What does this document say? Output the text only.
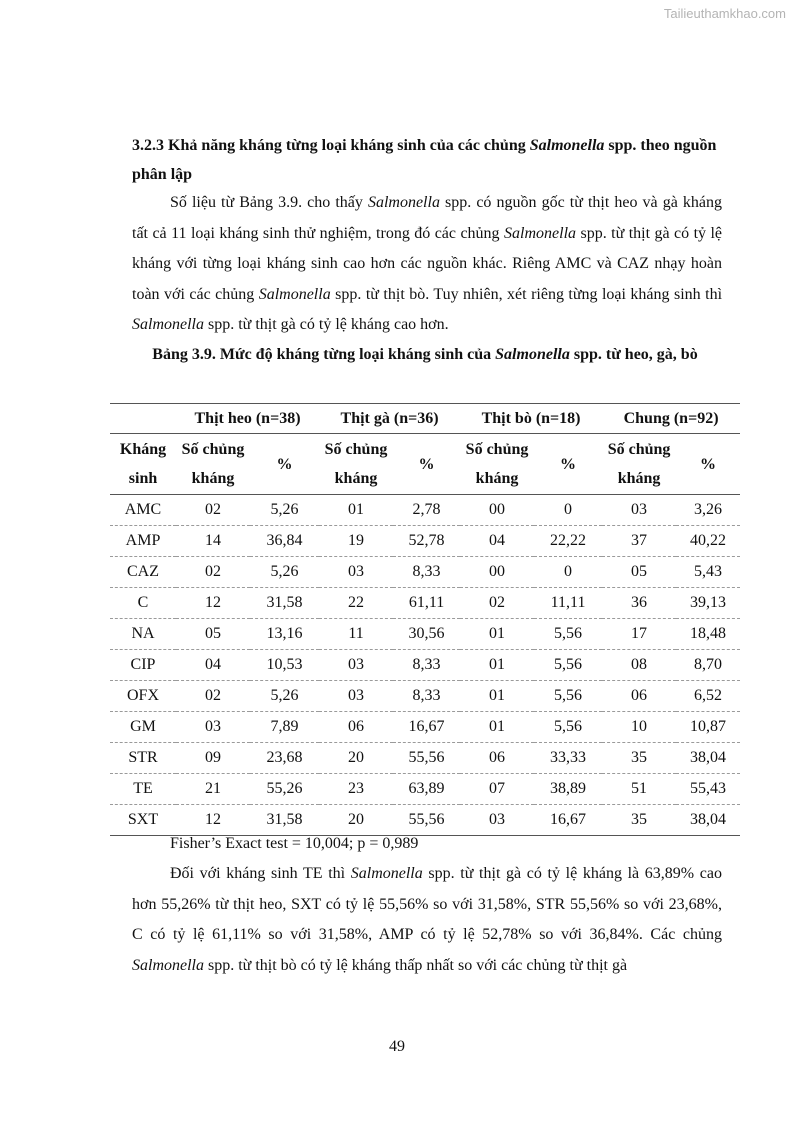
Tailieuthamkhao.com
3.2.3 Khả năng kháng từng loại kháng sinh của các chủng Salmonella spp. theo nguồn phân lập
Số liệu từ Bảng 3.9. cho thấy Salmonella spp. có nguồn gốc từ thịt heo và gà kháng tất cả 11 loại kháng sinh thử nghiệm, trong đó các chủng Salmonella spp. từ thịt gà có tỷ lệ kháng với từng loại kháng sinh cao hơn các nguồn khác. Riêng AMC và CAZ nhạy hoàn toàn với các chủng Salmonella spp. từ thịt bò. Tuy nhiên, xét riêng từng loại kháng sinh thì Salmonella spp. từ thịt gà có tỷ lệ kháng cao hơn.
Bảng 3.9. Mức độ kháng từng loại kháng sinh của Salmonella spp. từ heo, gà, bò
	Thịt heo (n=38)		Thịt gà (n=36)		Thịt bò (n=18)		Chung (n=92)	
Kháng sinh	Số chủng kháng	%	Số chủng kháng	%	Số chủng kháng	%	Số chủng kháng	%
AMC	02	5,26	01	2,78	00	0	03	3,26
AMP	14	36,84	19	52,78	04	22,22	37	40,22
CAZ	02	5,26	03	8,33	00	0	05	5,43
C	12	31,58	22	61,11	02	11,11	36	39,13
NA	05	13,16	11	30,56	01	5,56	17	18,48
CIP	04	10,53	03	8,33	01	5,56	08	8,70
OFX	02	5,26	03	8,33	01	5,56	06	6,52
GM	03	7,89	06	16,67	01	5,56	10	10,87
STR	09	23,68	20	55,56	06	33,33	35	38,04
TE	21	55,26	23	63,89	07	38,89	51	55,43
SXT	12	31,58	20	55,56	03	16,67	35	38,04
Fisher’s Exact test = 10,004; p = 0,989
Đối với kháng sinh TE thì Salmonella spp. từ thịt gà có tỷ lệ kháng là 63,89% cao hơn 55,26% từ thịt heo, SXT có tỷ lệ 55,56% so với 31,58%, STR 55,56% so với 23,68%, C có tỷ lệ 61,11% so với 31,58%, AMP có tỷ lệ 52,78% so với 36,84%. Các chủng Salmonella spp. từ thịt bò có tỷ lệ kháng thấp nhất so với các chủng từ thịt gà
49
